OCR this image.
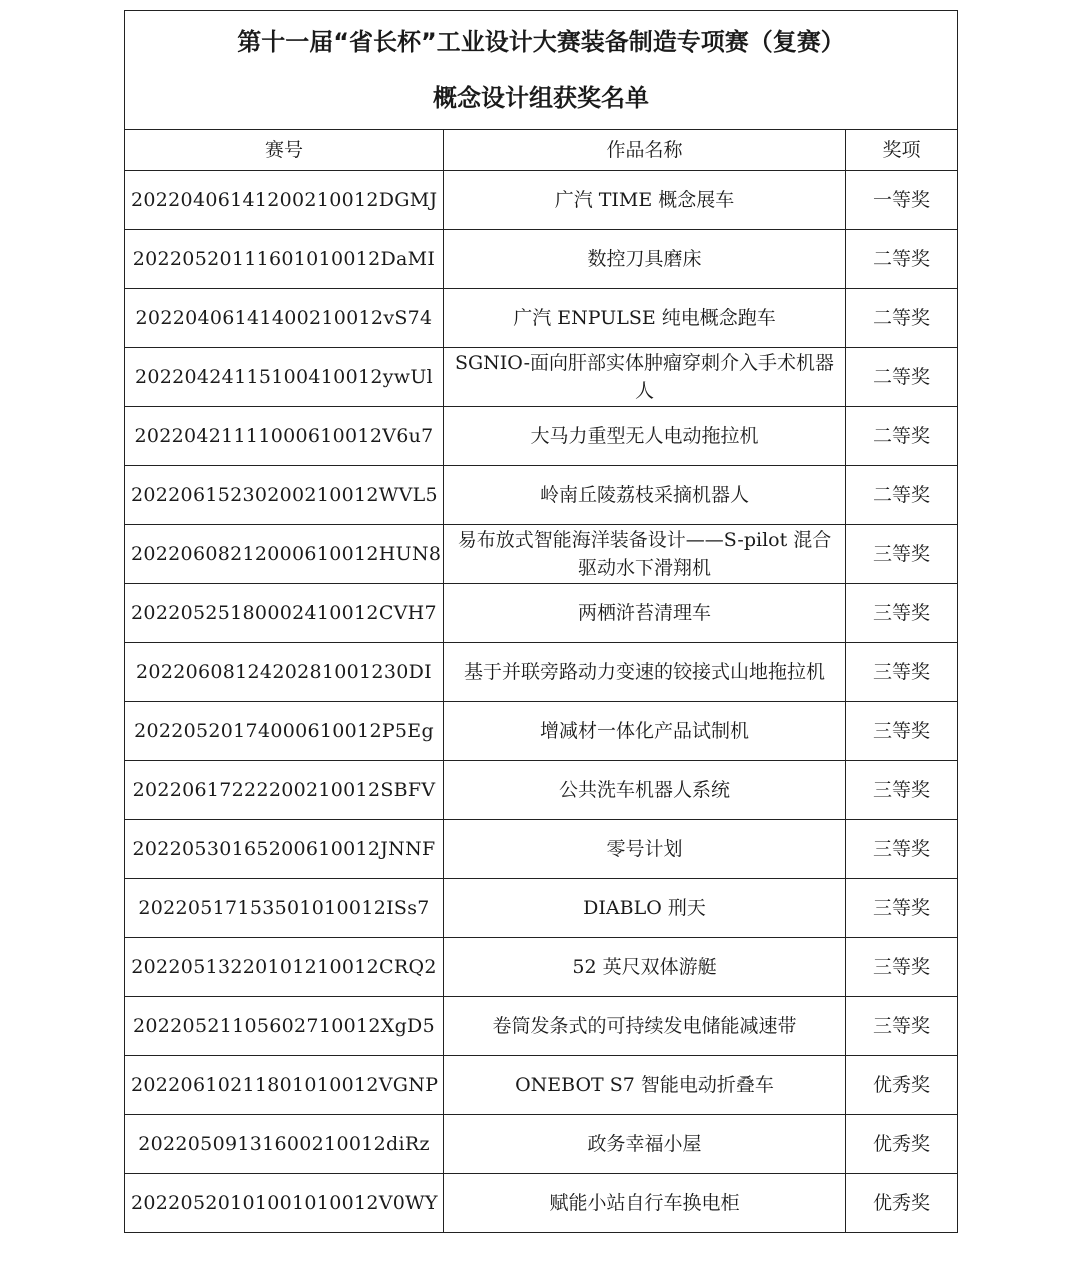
第十一届“省长杯”工业设计大赛装备制造专项赛（复赛）
概念设计组获奖名单		

赛号	作品名称	奖项
20220406141200210012DGMJ	广汽 TIME 概念展车	一等奖
20220520111601010012DaMI	数控刀具磨床	二等奖
20220406141400210012vS74	广汽 ENPULSE 纯电概念跑车	二等奖
20220424115100410012ywUl	SGNIO-面向肝部实体肿瘤穿刺介入手术机器人	二等奖
20220421111000610012V6u7	大马力重型无人电动拖拉机	二等奖
20220615230200210012WVL5	岭南丘陵荔枝采摘机器人	二等奖
20220608212000610012HUN8	易布放式智能海洋装备设计——S-pilot 混合驱动水下滑翔机	三等奖
20220525180002410012CVH7	两栖浒苔清理车	三等奖
2022060812420281001230DI	基于并联旁路动力变速的铰接式山地拖拉机	三等奖
20220520174000610012P5Eg	增减材一体化产品试制机	三等奖
20220617222200210012SBFV	公共洗车机器人系统	三等奖
20220530165200610012JNNF	零号计划	三等奖
20220517153501010012ISs7	DIABLO 刑天	三等奖
20220513220101210012CRQ2	52 英尺双体游艇	三等奖
20220521105602710012XgD5	卷筒发条式的可持续发电储能减速带	三等奖
20220610211801010012VGNP	ONEBOT S7 智能电动折叠车	优秀奖
20220509131600210012diRz	政务幸福小屋	优秀奖
20220520101001010012V0WY	赋能小站自行车换电柜	优秀奖
